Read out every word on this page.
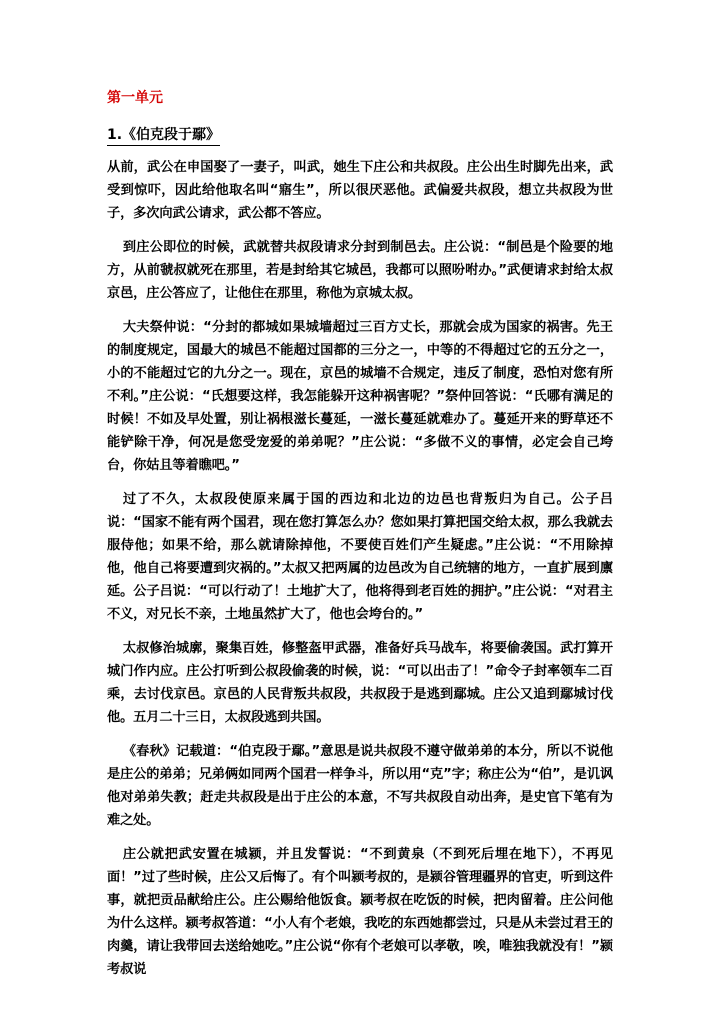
第一单元
1.《伯克段于鄢》

从前，武公在申国娶了一妻子，叫武，她生下庄公和共叔段。庄公出生时脚先出来，武受到惊吓，因此给他取名叫“寤生”，所以很厌恶他。武偏爱共叔段，想立共叔段为世子，多次向武公请求，武公都不答应。

到庄公即位的时候，武就替共叔段请求分封到制邑去。庄公说：“制邑是个险要的地方，从前虢叔就死在那里，若是封给其它城邑，我都可以照吩咐办。”武便请求封给太叔京邑，庄公答应了，让他住在那里，称他为京城太叔。

大夫祭仲说：“分封的都城如果城墙超过三百方丈长，那就会成为国家的祸害。先王的制度规定，国最大的城邑不能超过国都的三分之一，中等的不得超过它的五分之一，小的不能超过它的九分之一。现在，京邑的城墙不合规定，违反了制度，恐怕对您有所不利。”庄公说：“氏想要这样，我怎能躲开这种祸害呢？”祭仲回答说：“氏哪有满足的时候！不如及早处置，别让祸根滋长蔓延，一滋长蔓延就难办了。蔓延开来的野草还不能铲除干净，何况是您受宠爱的弟弟呢？”庄公说：“多做不义的事情，必定会自己垮台，你姑且等着瞧吧。”

过了不久，太叔段使原来属于国的西边和北边的边邑也背叛归为自己。公子吕说：“国家不能有两个国君，现在您打算怎么办？您如果打算把国交给太叔，那么我就去服侍他；如果不给，那么就请除掉他，不要使百姓们产生疑虑。”庄公说：“不用除掉他，他自己将要遭到灾祸的。”太叔又把两属的边邑改为自己统辖的地方，一直扩展到廪延。公子吕说：“可以行动了！土地扩大了，他将得到老百姓的拥护。”庄公说：“对君主不义，对兄长不亲，土地虽然扩大了，他也会垮台的。”

太叔修治城廓，聚集百姓，修整盔甲武器，准备好兵马战车，将要偷袭国。武打算开城门作内应。庄公打听到公叔段偷袭的时候，说：“可以出击了！”命令子封率领车二百乘，去讨伐京邑。京邑的人民背叛共叔段，共叔段于是逃到鄢城。庄公又追到鄢城讨伐他。五月二十三日，太叔段逃到共国。

《春秋》记载道：“伯克段于鄢。”意思是说共叔段不遵守做弟弟的本分，所以不说他是庄公的弟弟；兄弟俩如同两个国君一样争斗，所以用“克”字；称庄公为“伯”，是讥讽他对弟弟失教；赶走共叔段是出于庄公的本意，不写共叔段自动出奔，是史官下笔有为难之处。

庄公就把武安置在城颍，并且发誓说：“不到黄泉（不到死后埋在地下），不再见面！”过了些时候，庄公又后悔了。有个叫颍考叔的，是颍谷管理疆界的官吏，听到这件事，就把贡品献给庄公。庄公赐给他饭食。颍考叔在吃饭的时候，把肉留着。庄公问他为什么这样。颍考叔答道：“小人有个老娘，我吃的东西她都尝过，只是从未尝过君王的肉羹，请让我带回去送给她吃。”庄公说“你有个老娘可以孝敬，唉，唯独我就没有！”颍考叔说
